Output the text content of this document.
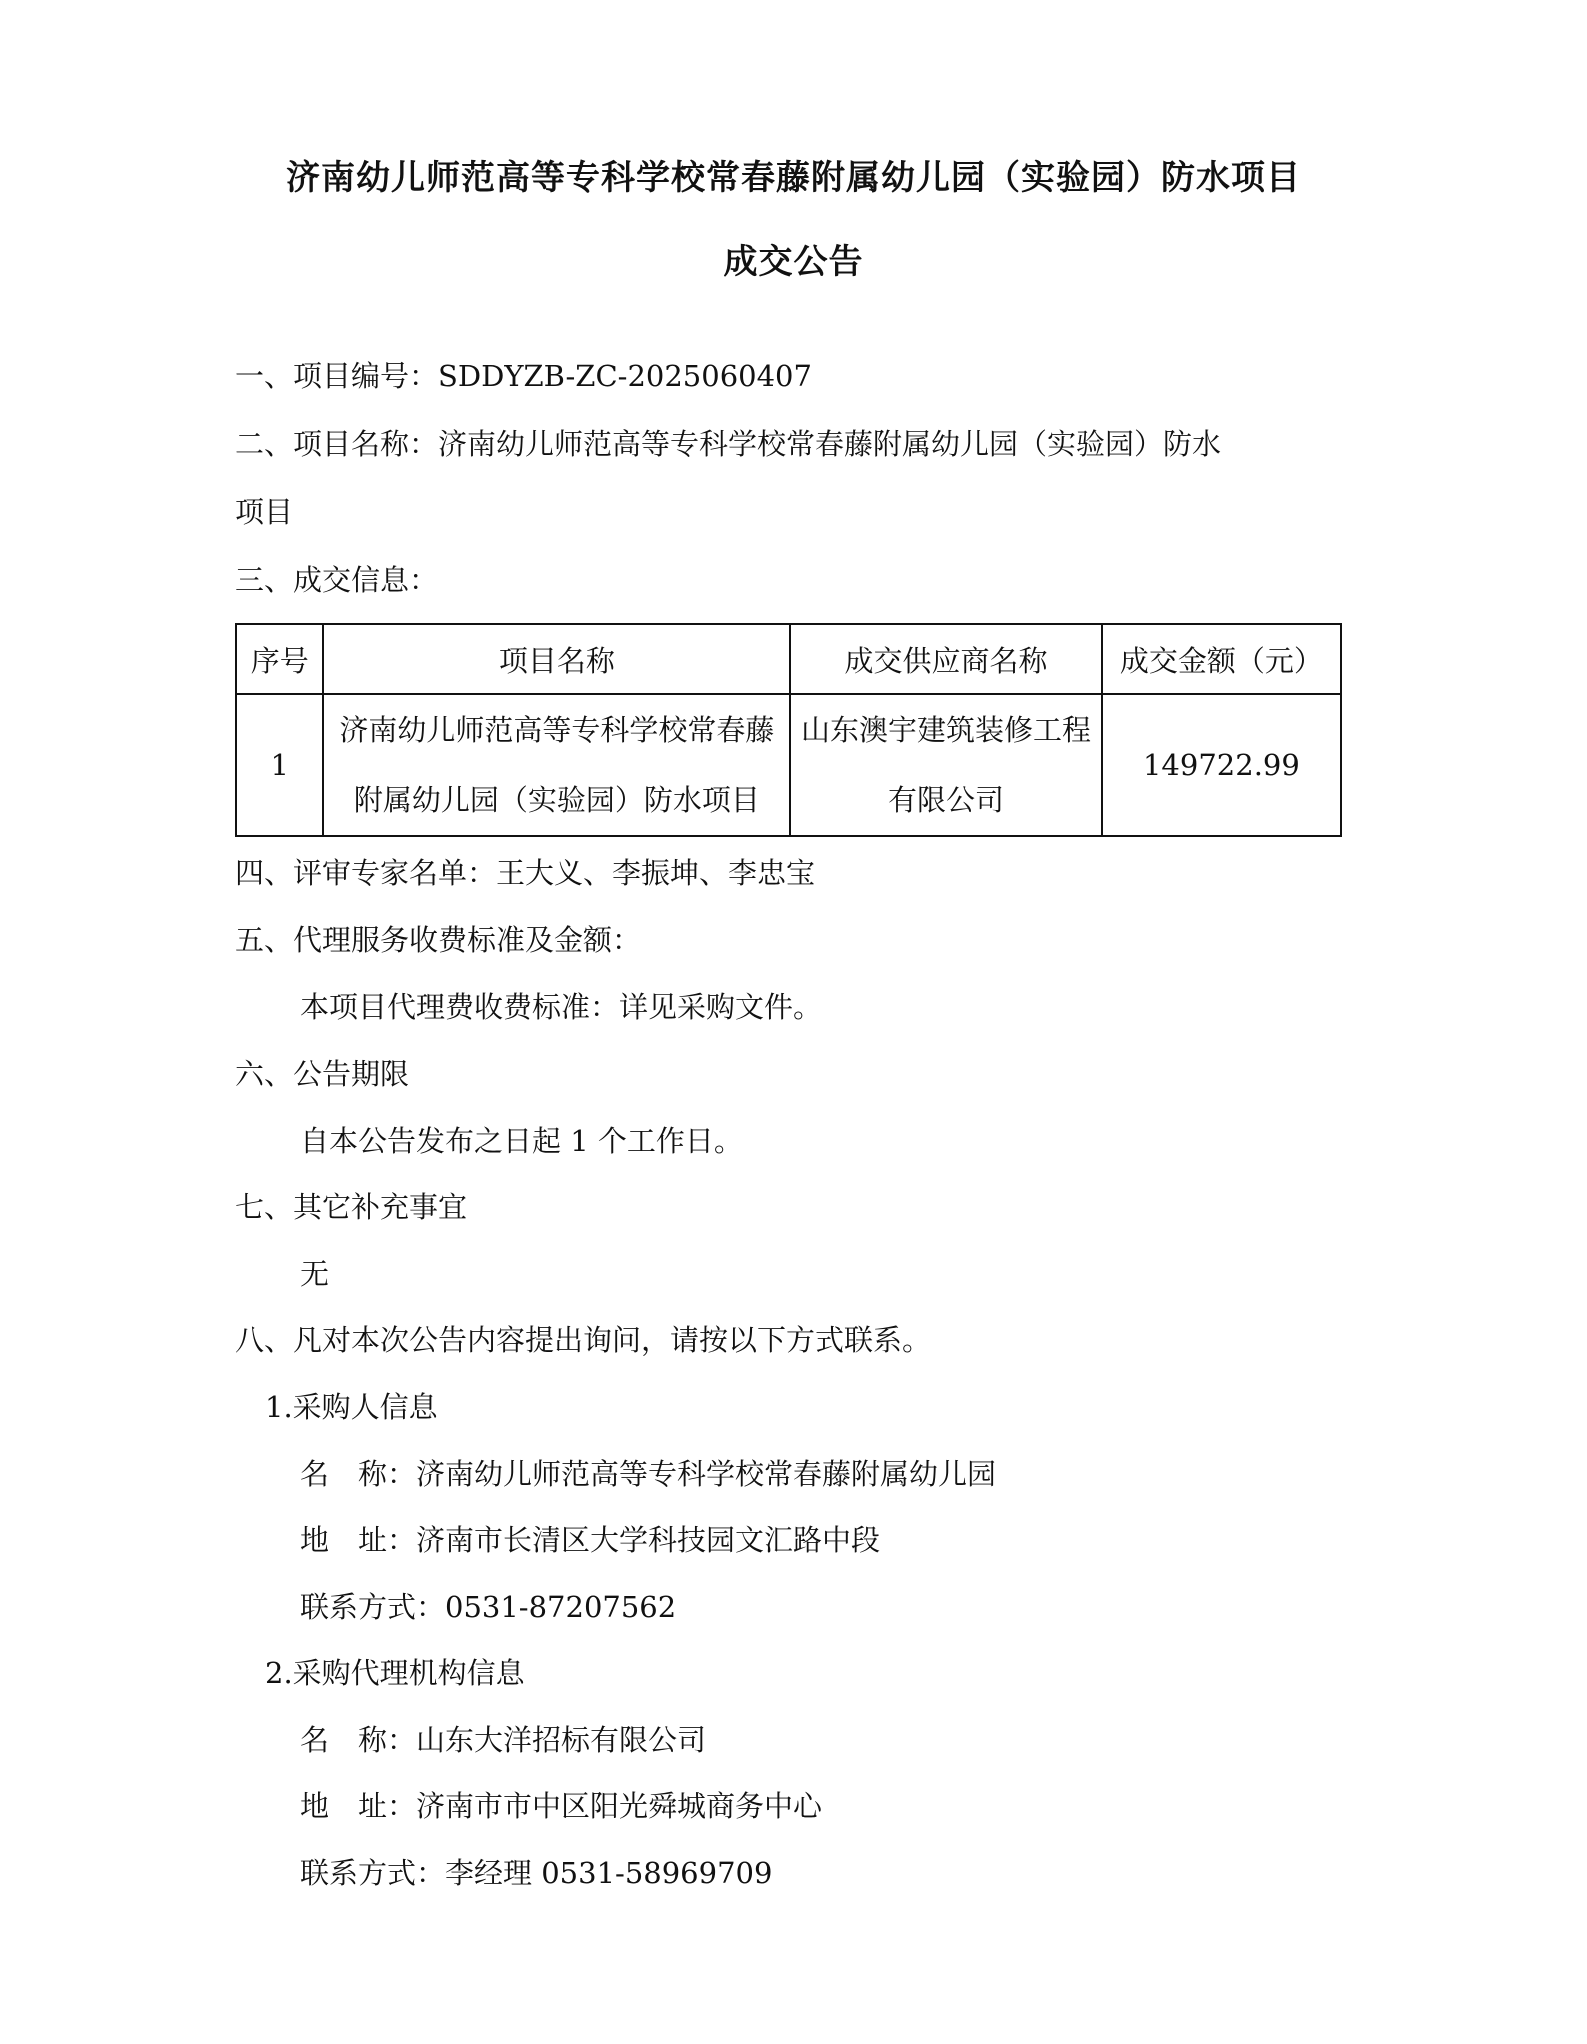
济南幼儿师范高等专科学校常春藤附属幼儿园（实验园）防水项目
成交公告
一、项目编号：SDDYZB-ZC-2025060407
二、项目名称：济南幼儿师范高等专科学校常春藤附属幼儿园（实验园）防水
项目
三、成交信息：
序号	项目名称	成交供应商名称	成交金额（元）
1	济南幼儿师范高等专科学校常春藤附属幼儿园（实验园）防水项目	山东澳宇建筑装修工程有限公司	149722.99
四、评审专家名单：王大义、李振坤、李忠宝
五、代理服务收费标准及金额：
本项目代理费收费标准：详见采购文件。
六、公告期限
自本公告发布之日起 1 个工作日。
七、其它补充事宜
无
八、凡对本次公告内容提出询问，请按以下方式联系。
1.采购人信息
名　称：济南幼儿师范高等专科学校常春藤附属幼儿园
地　址：济南市长清区大学科技园文汇路中段
联系方式：0531-87207562
2.采购代理机构信息
名　称：山东大洋招标有限公司
地　址：济南市市中区阳光舜城商务中心
联系方式：李经理 0531-58969709
